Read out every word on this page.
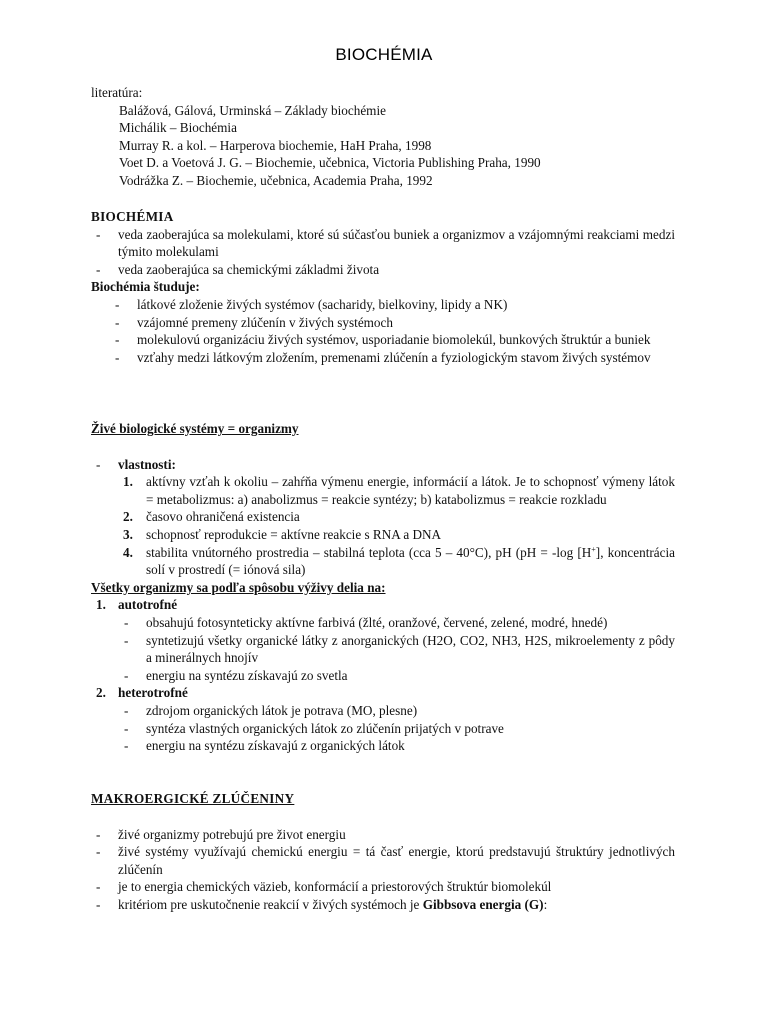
BIOCHÉMIA
literatúra:
Balážová, Gálová, Urminská – Základy biochémie
Michálik – Biochémia
Murray R. a kol. – Harperova biochemie, HaH Praha, 1998
Voet D. a Voetová J. G. – Biochemie, učebnica, Victoria Publishing Praha, 1990
Vodrážka Z. – Biochemie, učebnica, Academia Praha, 1992
BIOCHÉMIA
- veda zaoberajúca sa molekulami, ktoré sú súčasťou buniek a organizmov a vzájomnými reakciami medzi týmito molekulami
- veda zaoberajúca sa chemickými základmi života
Biochémia študuje:
- látkové zloženie živých systémov (sacharidy, bielkoviny, lipidy a NK)
- vzájomné premeny zlúčenín v živých systémoch
- molekulovú organizáciu živých systémov, usporiadanie biomolekúl, bunkových štruktúr a buniek
- vzťahy medzi látkovým zložením, premenami zlúčenín a fyziologickým stavom živých systémov
Živé biologické systémy = organizmy
- vlastnosti:
1. aktívny vzťah k okoliu – zahŕňa výmenu energie, informácií a látok. Je to schopnosť výmeny látok = metabolizmus: a) anabolizmus = reakcie syntézy; b) katabolizmus = reakcie rozkladu
2. časovo ohraničená existencia
3. schopnosť reprodukcie = aktívne reakcie s RNA a DNA
4. stabilita vnútorného prostredia – stabilná teplota (cca 5 – 40°C), pH (pH = -log [H+], koncentrácia solí v prostredí (= iónová sila)
Všetky organizmy sa podľa spôsobu výživy delia na:
1. autotrofné
- obsahujú fotosynteticky aktívne farbivá (žlté, oranžové, červené, zelené, modré, hnedé)
- syntetizujú všetky organické látky z anorganických (H2O, CO2, NH3, H2S, mikroelementy z pôdy a minerálnych hnojív
- energiu na syntézu získavajú zo svetla
2. heterotrofné
- zdrojom organických látok je potrava (MO, plesne)
- syntéza vlastných organických látok zo zlúčenín prijatých v potrave
- energiu na syntézu získavajú z organických látok
MAKROERGICKÉ ZLÚČENINY
- živé organizmy potrebujú pre život energiu
- živé systémy využívajú chemickú energiu = tá časť energie, ktorú predstavujú štruktúry jednotlivých zlúčenín
- je to energia chemických väzieb, konformácií a priestorových štruktúr biomolekúl
- kritériom pre uskutočnenie reakcií v živých systémoch je Gibbsova energia (G):
